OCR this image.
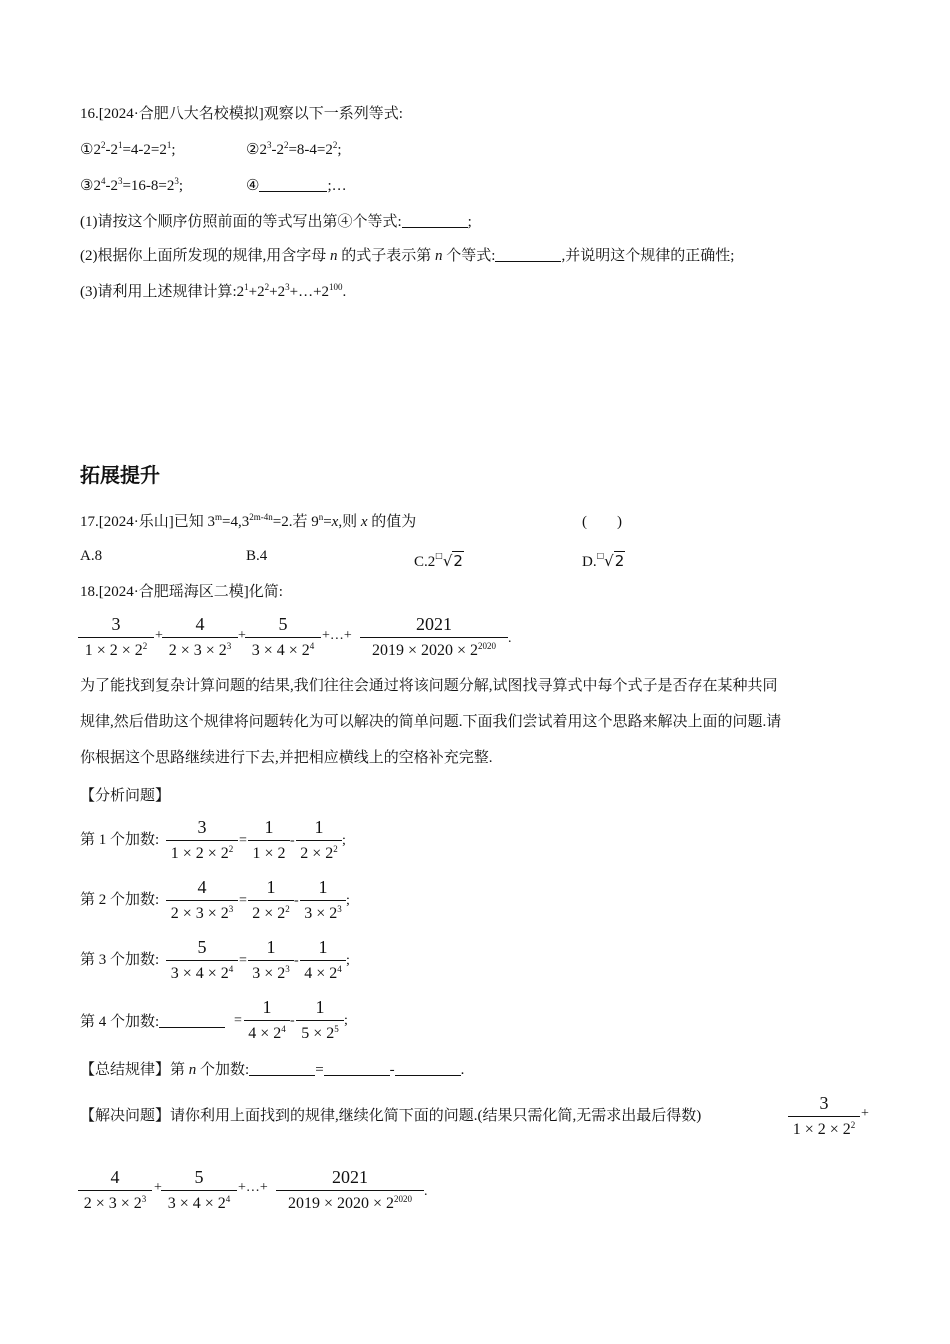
16.[2024·合肥八大名校模拟]观察以下一系列等式:
$①2^2-2^1=4-2=2^1$;	$②2^3-2^2=8-4=2^2$;
$③2^4-2^3=16-8=2^3$;	④	;…
(1)请按这个顺序仿照前面的等式写出第④个等式:	;
(2)根据你上面所发现的规律,用含字母 n 的式子表示第 n 个等式:	,并说明这个规律的正确性;
(3)请利用上述规律计算$:2^1+2^2+2^3+\dots+2^{100}$.
拓展提升
17.[2024·乐山]已知 $3^m=4,3^{2m-4n}=2$.若 $9^n=x$,则 x 的值为	(　　)
A.8	B.4	C.2□√2	D.□√2
18.[2024·合肥瑶海区二模]化简:
3
$1 \times 2 \times 2^2$
+
4
$2 \times 3 \times 2^3$
+
5
$3 \times 4 \times 2^4$
+…+
2021
$2019 \times 2020 \times 2^{2020}$ .
为了能找到复杂计算问题的结果,我们往往会通过将该问题分解,试图找寻算式中每个式子是否存在某种共同
规律,然后借助这个规律将问题转化为可以解决的简单问题.下面我们尝试着用这个思路来解决上面的问题.请
你根据这个思路继续进行下去,并把相应横线上的空格补充完整.
【分析问题】
第 1 个加数:
3
$1 \times 2 \times 2^2$
=
1
1 × 2
-
1
$2 \times 2^2$
;
第 2 个加数:
4
$2 \times 3 \times 2^3$
=
1
$2 \times 2^2$
-
1
$3 \times 2^3$
;
第 3 个加数:
5
$3 \times 4 \times 2^4$
=
1
$3 \times 2^3$
-
1
$4 \times 2^4$
;
第 4 个加数:	=
1
$4 \times 2^4$
-
1
$5 \times 2^5$
;
【总结规律】第 n 个加数:	=	-	.
【解决问题】请你利用上面找到的规律,继续化简下面的问题.(结果只需化简,无需求出最后得数)
3
$1 \times 2 \times 2^2$
+
4
$2 \times 3 \times 2^3$
+
5
$3 \times 4 \times 2^4$
+…+
2021
$2019 \times 2020 \times 2^{2020}$ .
